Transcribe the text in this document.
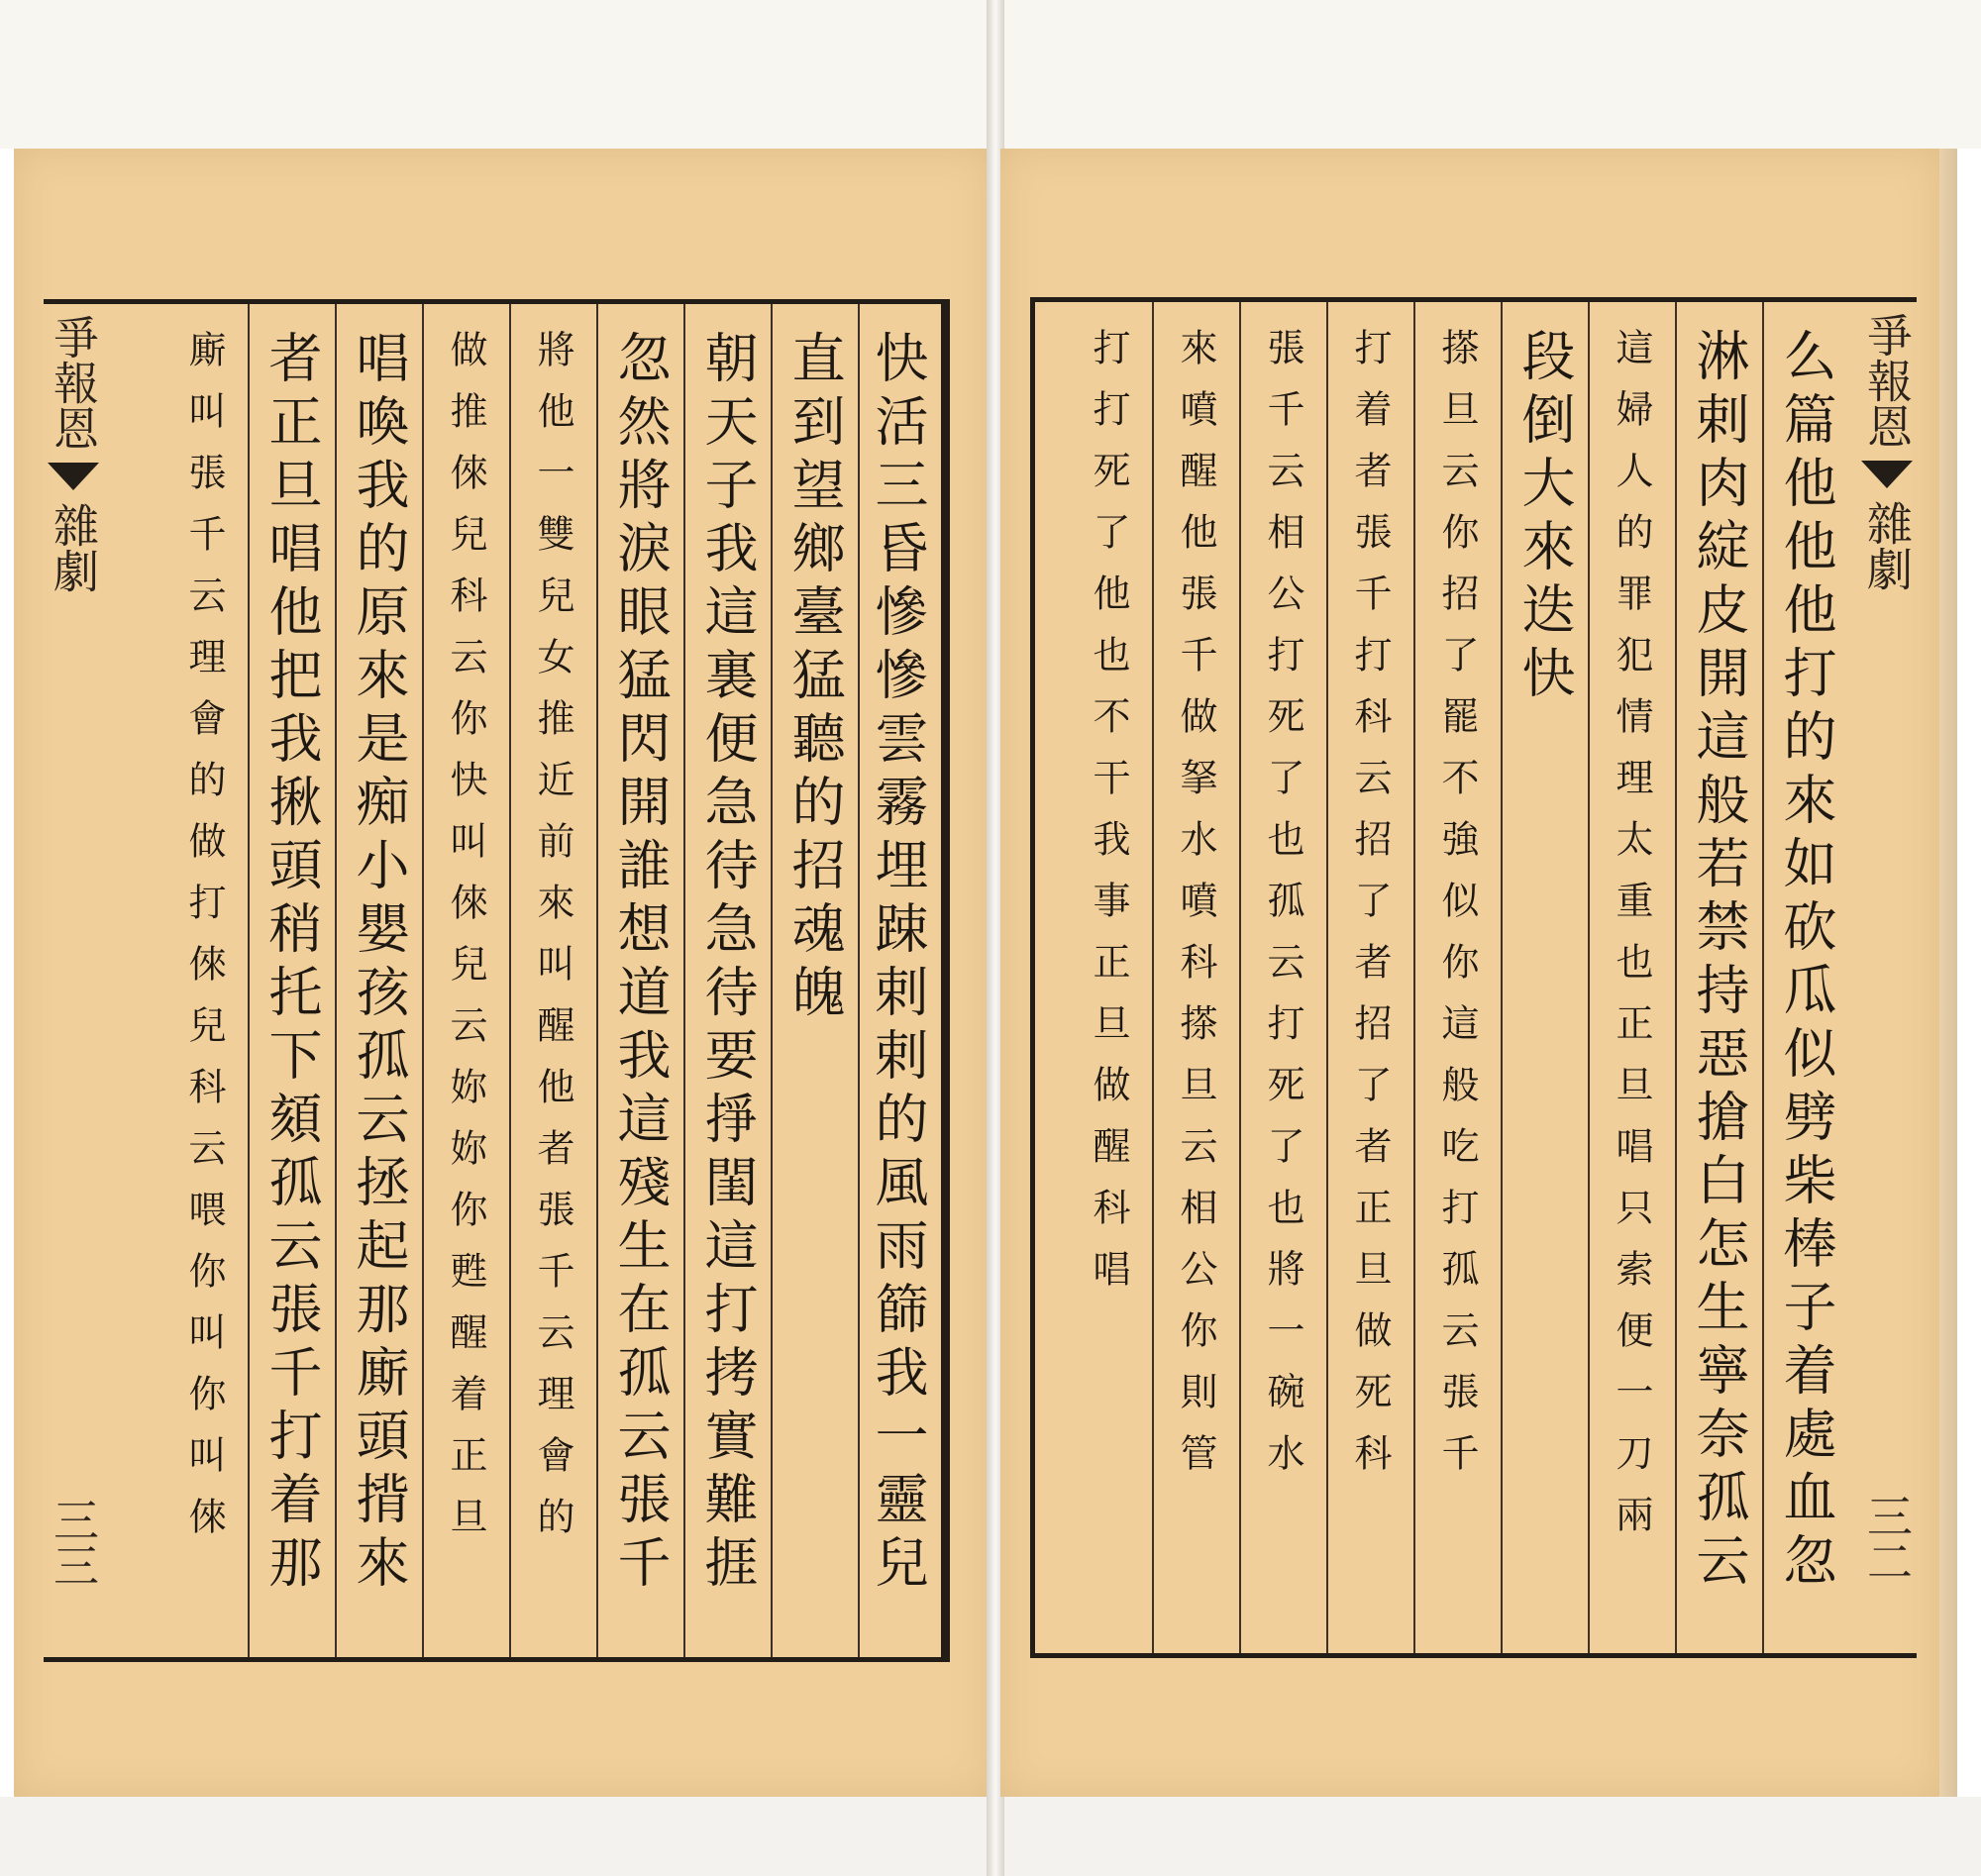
爭報恩
雜劇
三三	快活三昏慘慘雲霧埋踈剌剌的風雨篩我一靈兒
直到望鄉臺猛聽的招魂魄
朝天子我這裏便急待急待要掙閨這打拷實難捱
忽然將淚眼猛閃開誰想道我這殘生在孤云張千
將他一雙兒女推近前來叫醒他者張千云理會的
做推倈兒科云你快叫倈兒云妳妳你甦醒着正旦
唱喚我的原來是痴小嬰孩孤云拯起那廝頭揹來
者正旦唱他把我揪頭稍托下頦孤云張千打着那
廝叫張千云理會的做打倈兒科云喂你叫你叫倈	爭報恩
雜劇
三二
么篇他他他打的來如砍瓜似劈柴棒子着處血忽
淋剌肉綻皮開這般若禁持惡搶白怎生寧奈孤云
這婦人的罪犯情理太重也正旦唱只索便一刀兩
段倒大來迭快
搽旦云你招了罷不強似你這般吃打孤云張千
打着者張千打科云招了者招了者正旦做死科
張千云相公打死了也孤云打死了也將一碗水
來噴醒他張千做拏水噴科搽旦云相公你則管
打打死了他也不干我事正旦做醒科唱
